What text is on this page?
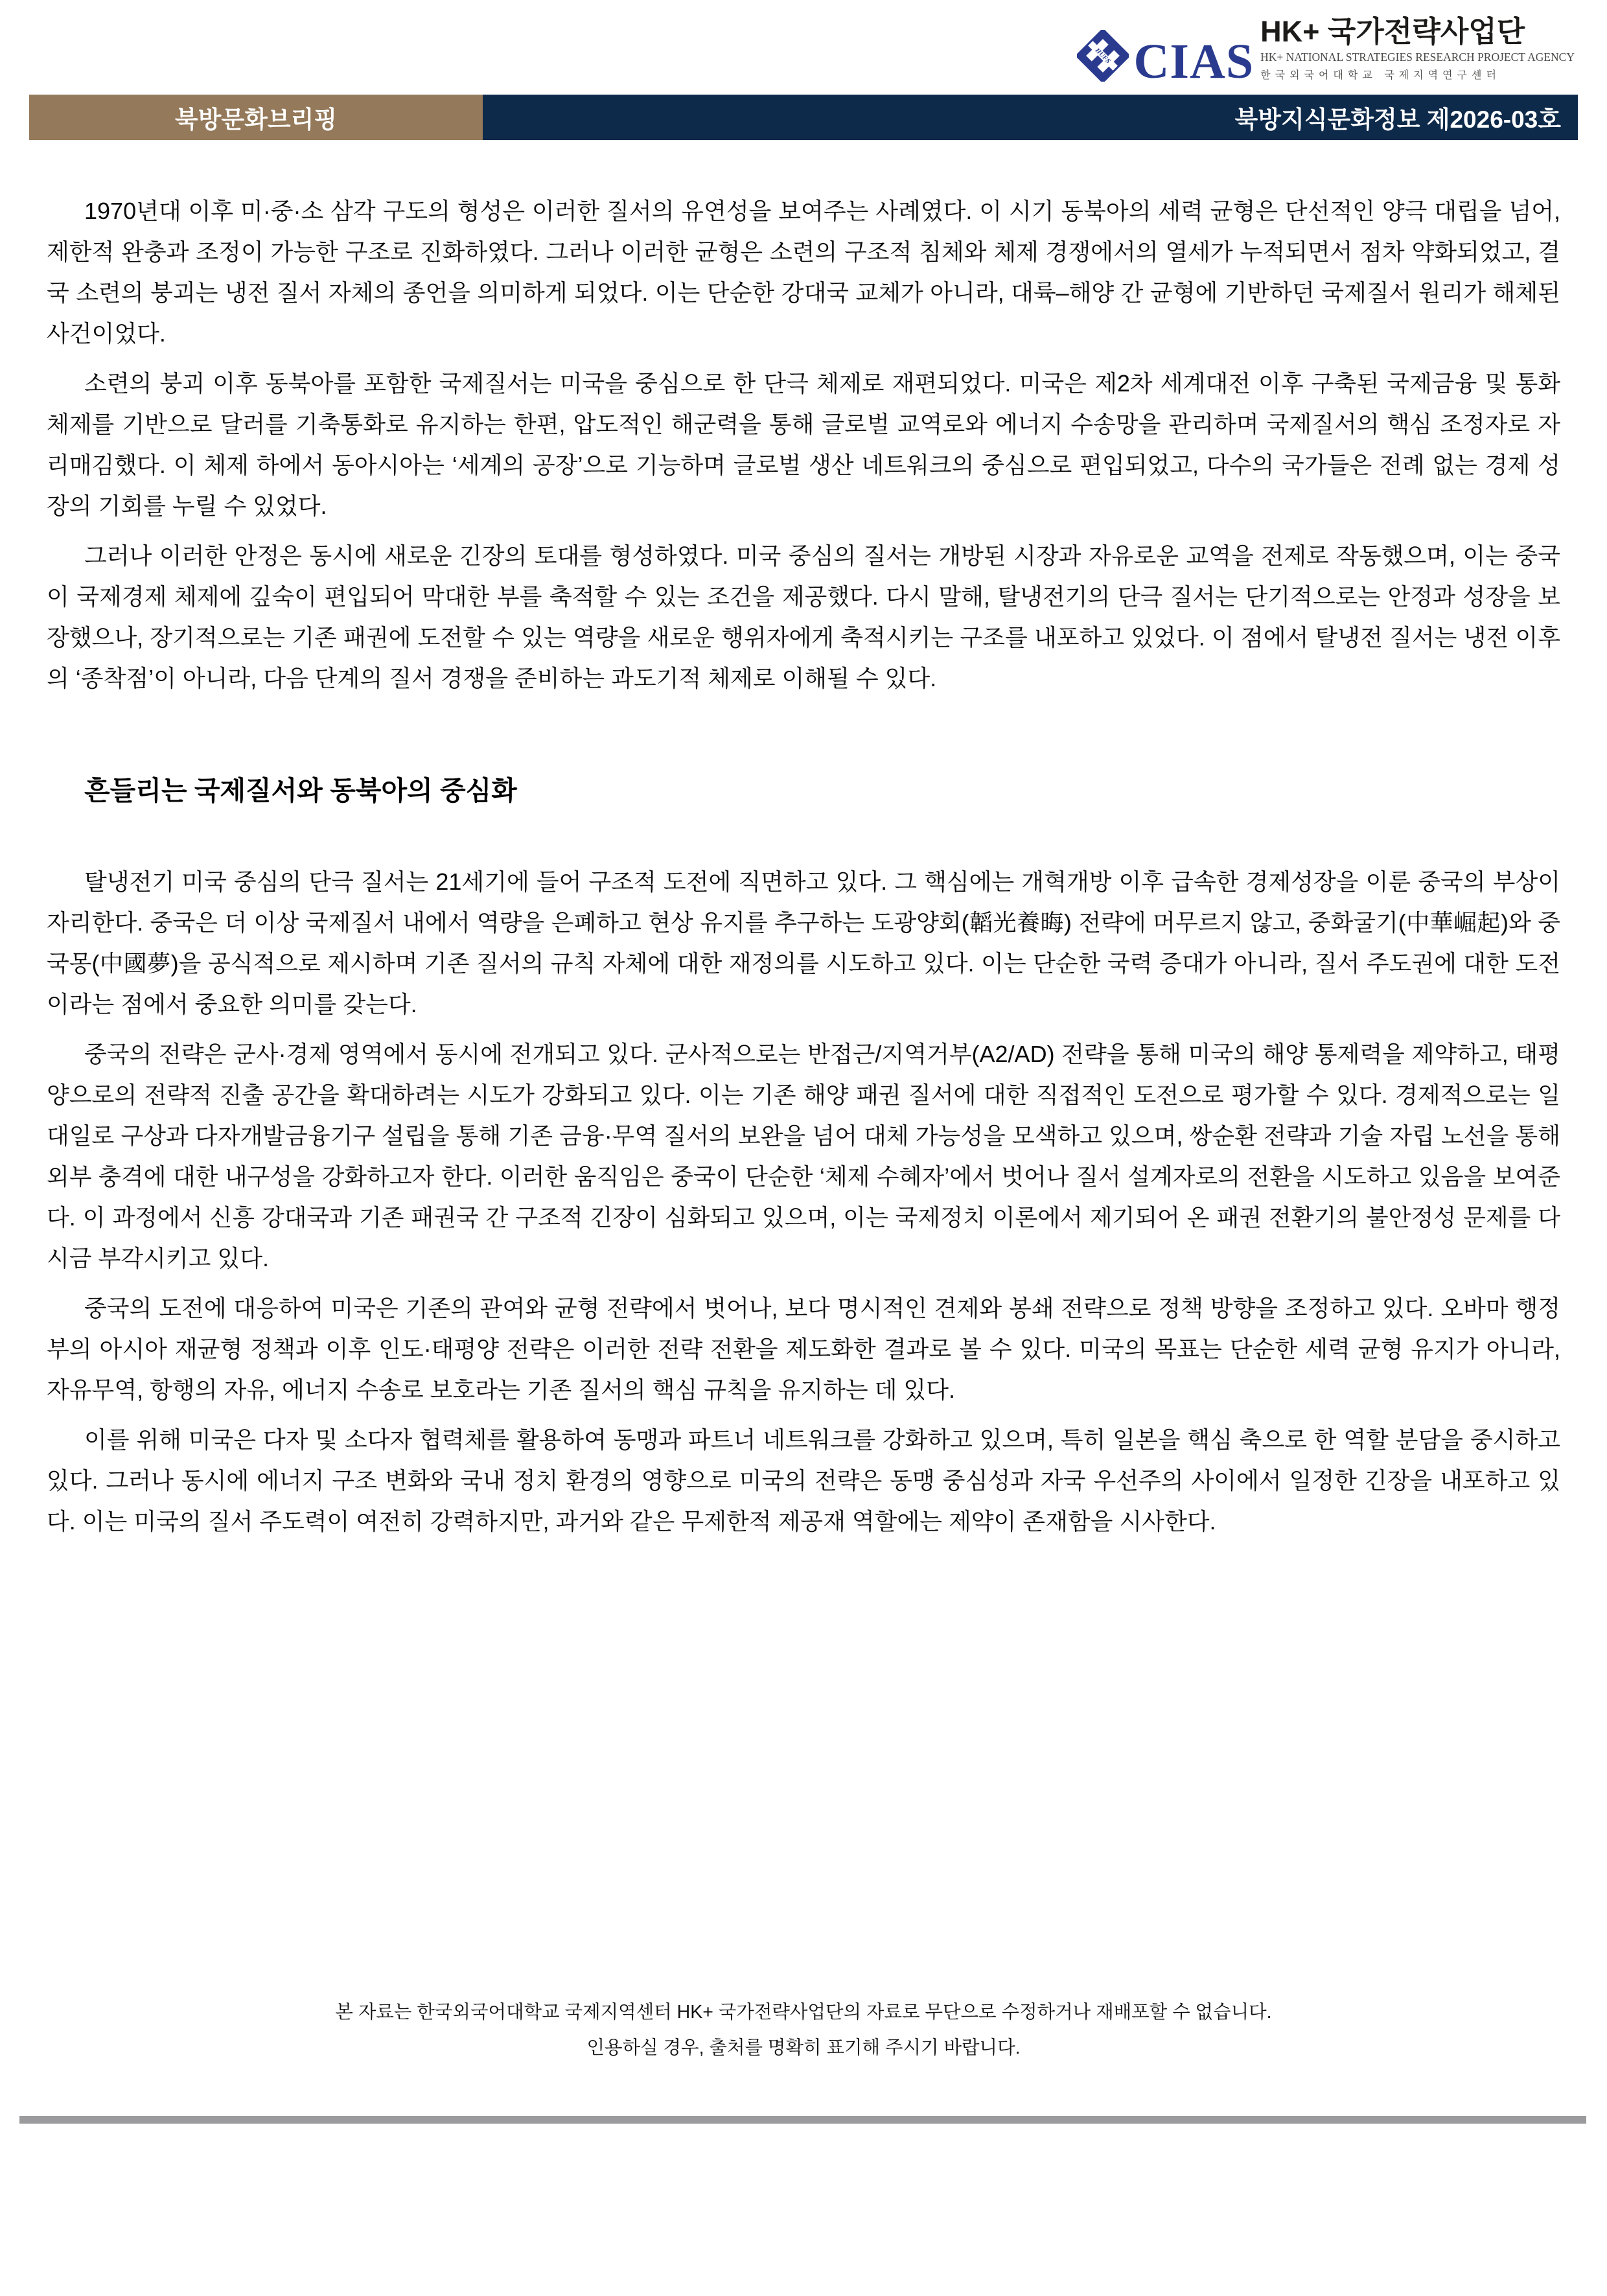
HUFS CIAS
HK+ 국가전략사업단
HK+ NATIONAL STRATEGIES RESEARCH PROJECT AGENCY
한국외국어대학교 국제지역연구센터
북방문화브리핑	북방지식문화정보 제2026-03호

1970년대 이후 미·중·소 삼각 구도의 형성은 이러한 질서의 유연성을 보여주는 사례였다. 이 시기 동북아의 세력 균형은 단선적인 양극 대립을 넘어, 제한적 완충과 조정이 가능한 구조로 진화하였다. 그러나 이러한 균형은 소련의 구조적 침체와 체제 경쟁에서의 열세가 누적되면서 점차 약화되었고, 결국 소련의 붕괴는 냉전 질서 자체의 종언을 의미하게 되었다. 이는 단순한 강대국 교체가 아니라, 대륙–해양 간 균형에 기반하던 국제질서 원리가 해체된 사건이었다.

소련의 붕괴 이후 동북아를 포함한 국제질서는 미국을 중심으로 한 단극 체제로 재편되었다. 미국은 제2차 세계대전 이후 구축된 국제금융 및 통화 체제를 기반으로 달러를 기축통화로 유지하는 한편, 압도적인 해군력을 통해 글로벌 교역로와 에너지 수송망을 관리하며 국제질서의 핵심 조정자로 자리매김했다. 이 체제 하에서 동아시아는 ‘세계의 공장’으로 기능하며 글로벌 생산 네트워크의 중심으로 편입되었고, 다수의 국가들은 전례 없는 경제 성장의 기회를 누릴 수 있었다.

그러나 이러한 안정은 동시에 새로운 긴장의 토대를 형성하였다. 미국 중심의 질서는 개방된 시장과 자유로운 교역을 전제로 작동했으며, 이는 중국이 국제경제 체제에 깊숙이 편입되어 막대한 부를 축적할 수 있는 조건을 제공했다. 다시 말해, 탈냉전기의 단극 질서는 단기적으로는 안정과 성장을 보장했으나, 장기적으로는 기존 패권에 도전할 수 있는 역량을 새로운 행위자에게 축적시키는 구조를 내포하고 있었다. 이 점에서 탈냉전 질서는 냉전 이후의 ‘종착점’이 아니라, 다음 단계의 질서 경쟁을 준비하는 과도기적 체제로 이해될 수 있다.

흔들리는 국제질서와 동북아의 중심화

탈냉전기 미국 중심의 단극 질서는 21세기에 들어 구조적 도전에 직면하고 있다. 그 핵심에는 개혁개방 이후 급속한 경제성장을 이룬 중국의 부상이 자리한다. 중국은 더 이상 국제질서 내에서 역량을 은폐하고 현상 유지를 추구하는 도광양회(韜光養晦) 전략에 머무르지 않고, 중화굴기(中華崛起)와 중국몽(中國夢)을 공식적으로 제시하며 기존 질서의 규칙 자체에 대한 재정의를 시도하고 있다. 이는 단순한 국력 증대가 아니라, 질서 주도권에 대한 도전이라는 점에서 중요한 의미를 갖는다.

중국의 전략은 군사·경제 영역에서 동시에 전개되고 있다. 군사적으로는 반접근/지역거부(A2/AD) 전략을 통해 미국의 해양 통제력을 제약하고, 태평양으로의 전략적 진출 공간을 확대하려는 시도가 강화되고 있다. 이는 기존 해양 패권 질서에 대한 직접적인 도전으로 평가할 수 있다. 경제적으로는 일대일로 구상과 다자개발금융기구 설립을 통해 기존 금융·무역 질서의 보완을 넘어 대체 가능성을 모색하고 있으며, 쌍순환 전략과 기술 자립 노선을 통해 외부 충격에 대한 내구성을 강화하고자 한다. 이러한 움직임은 중국이 단순한 ‘체제 수혜자’에서 벗어나 질서 설계자로의 전환을 시도하고 있음을 보여준다. 이 과정에서 신흥 강대국과 기존 패권국 간 구조적 긴장이 심화되고 있으며, 이는 국제정치 이론에서 제기되어 온 패권 전환기의 불안정성 문제를 다시금 부각시키고 있다.

중국의 도전에 대응하여 미국은 기존의 관여와 균형 전략에서 벗어나, 보다 명시적인 견제와 봉쇄 전략으로 정책 방향을 조정하고 있다. 오바마 행정부의 아시아 재균형 정책과 이후 인도·태평양 전략은 이러한 전략 전환을 제도화한 결과로 볼 수 있다. 미국의 목표는 단순한 세력 균형 유지가 아니라, 자유무역, 항행의 자유, 에너지 수송로 보호라는 기존 질서의 핵심 규칙을 유지하는 데 있다.

이를 위해 미국은 다자 및 소다자 협력체를 활용하여 동맹과 파트너 네트워크를 강화하고 있으며, 특히 일본을 핵심 축으로 한 역할 분담을 중시하고 있다. 그러나 동시에 에너지 구조 변화와 국내 정치 환경의 영향으로 미국의 전략은 동맹 중심성과 자국 우선주의 사이에서 일정한 긴장을 내포하고 있다. 이는 미국의 질서 주도력이 여전히 강력하지만, 과거와 같은 무제한적 제공재 역할에는 제약이 존재함을 시사한다.

본 자료는 한국외국어대학교 국제지역센터 HK+ 국가전략사업단의 자료로 무단으로 수정하거나 재배포할 수 없습니다.

인용하실 경우, 출처를 명확히 표기해 주시기 바랍니다.
